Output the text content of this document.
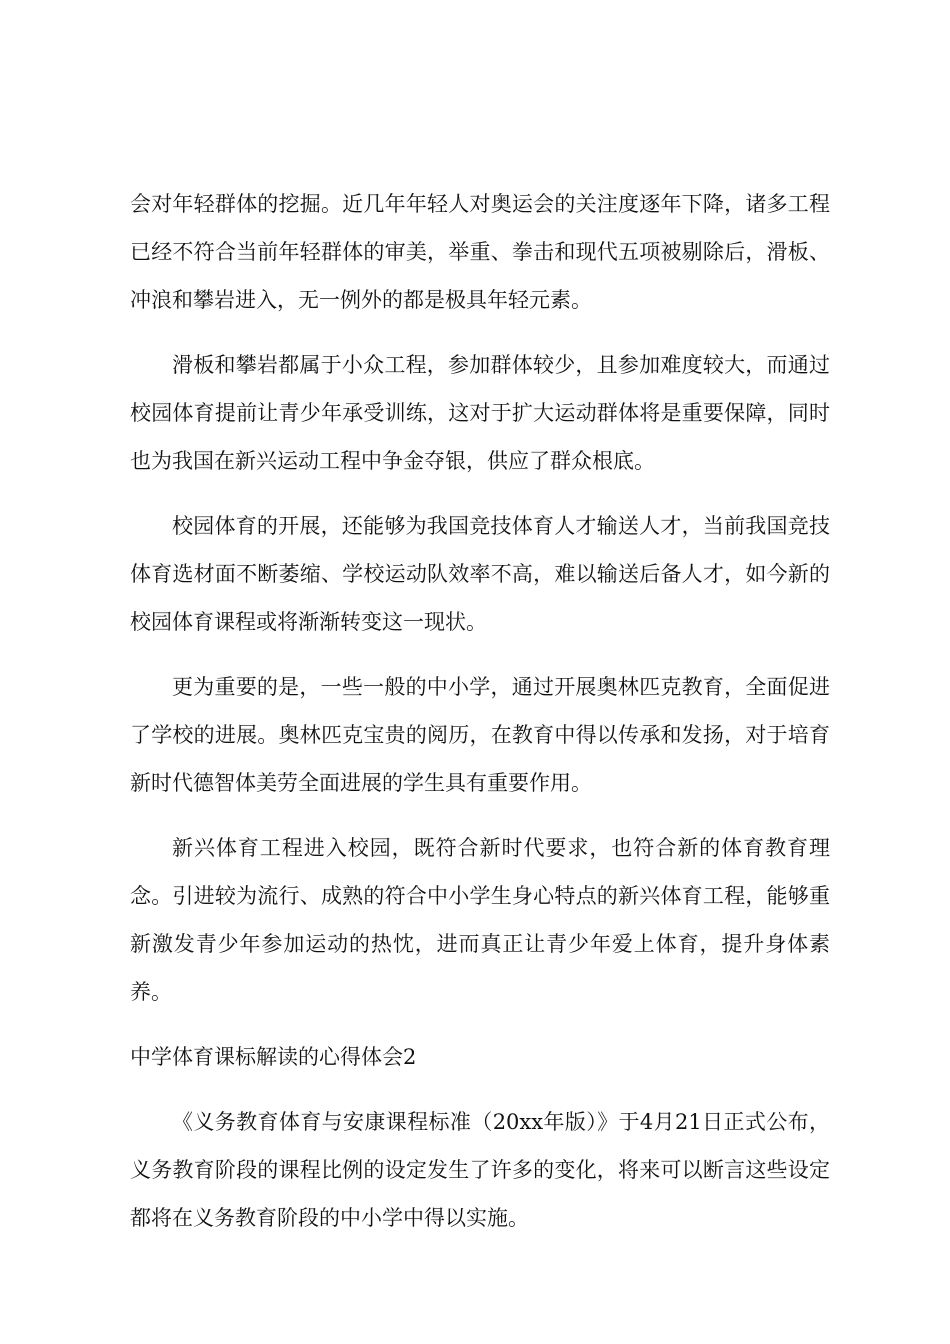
会对年轻群体的挖掘。近几年年轻人对奥运会的关注度逐年下降，诸多工程已经不符合当前年轻群体的审美，举重、拳击和现代五项被剔除后，滑板、冲浪和攀岩进入，无一例外的都是极具年轻元素。

滑板和攀岩都属于小众工程，参加群体较少，且参加难度较大，而通过校园体育提前让青少年承受训练，这对于扩大运动群体将是重要保障，同时也为我国在新兴运动工程中争金夺银，供应了群众根底。

校园体育的开展，还能够为我国竞技体育人才输送人才，当前我国竞技体育选材面不断萎缩、学校运动队效率不高，难以输送后备人才，如今新的校园体育课程或将渐渐转变这一现状。

更为重要的是，一些一般的中小学，通过开展奥林匹克教育，全面促进了学校的进展。奥林匹克宝贵的阅历，在教育中得以传承和发扬，对于培育新时代德智体美劳全面进展的学生具有重要作用。

新兴体育工程进入校园，既符合新时代要求，也符合新的体育教育理念。引进较为流行、成熟的符合中小学生身心特点的新兴体育工程，能够重新激发青少年参加运动的热忱，进而真正让青少年爱上体育，提升身体素养。

中学体育课标解读的心得体会2

《义务教育体育与安康课程标准（20xx年版）》于4月21日正式公布，义务教育阶段的课程比例的设定发生了许多的变化，将来可以断言这些设定都将在义务教育阶段的中小学中得以实施。
